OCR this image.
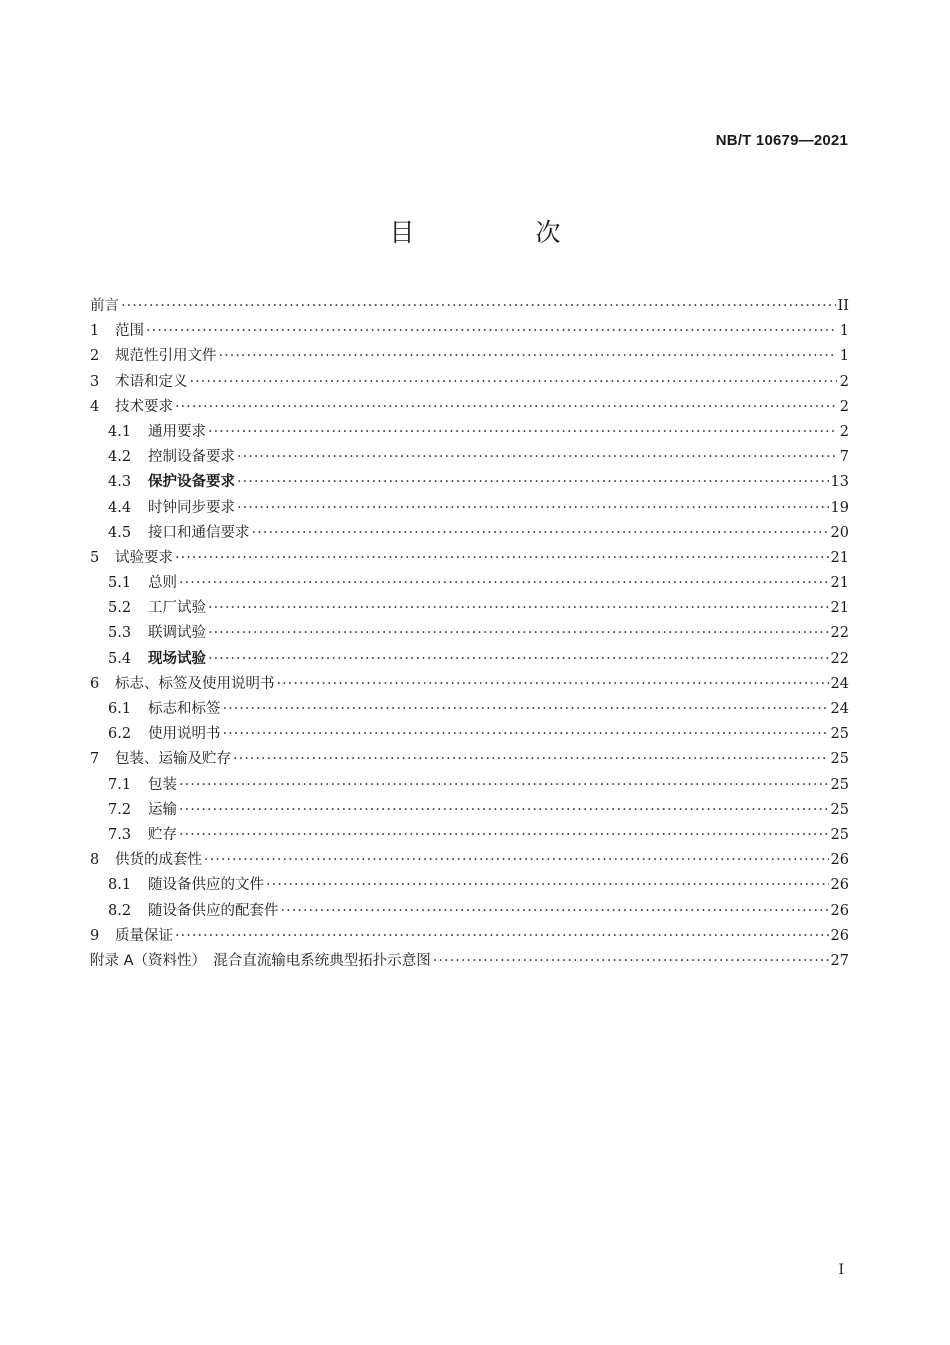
NB/T 10679—2021
目　次
前言 ·····	II
1	范围 ·····	1
2	规范性引用文件 ·····	1
3	术语和定义 ·····	2
4	技术要求 ·····	2
4.1	通用要求 ·····	2
4.2	控制设备要求 ·····	7
4.3	保护设备要求 ·····	13
4.4	时钟同步要求 ·····	19
4.5	接口和通信要求 ·····	20
5	试验要求 ·····	21
5.1	总则 ·····	21
5.2	工厂试验 ·····	21
5.3	联调试验 ·····	22
5.4	现场试验 ·····	22
6	标志、标签及使用说明书 ·····	24
6.1	标志和标签 ·····	24
6.2	使用说明书 ·····	25
7	包装、运输及贮存 ·····	25
7.1	包装 ·····	25
7.2	运输 ·····	25
7.3	贮存 ·····	25
8	供货的成套性 ·····	26
8.1	随设备供应的文件 ·····	26
8.2	随设备供应的配套件 ·····	26
9	质量保证 ·····	26
附录 A（资料性）　混合直流输电系统典型拓扑示意图 ·····	27
I
